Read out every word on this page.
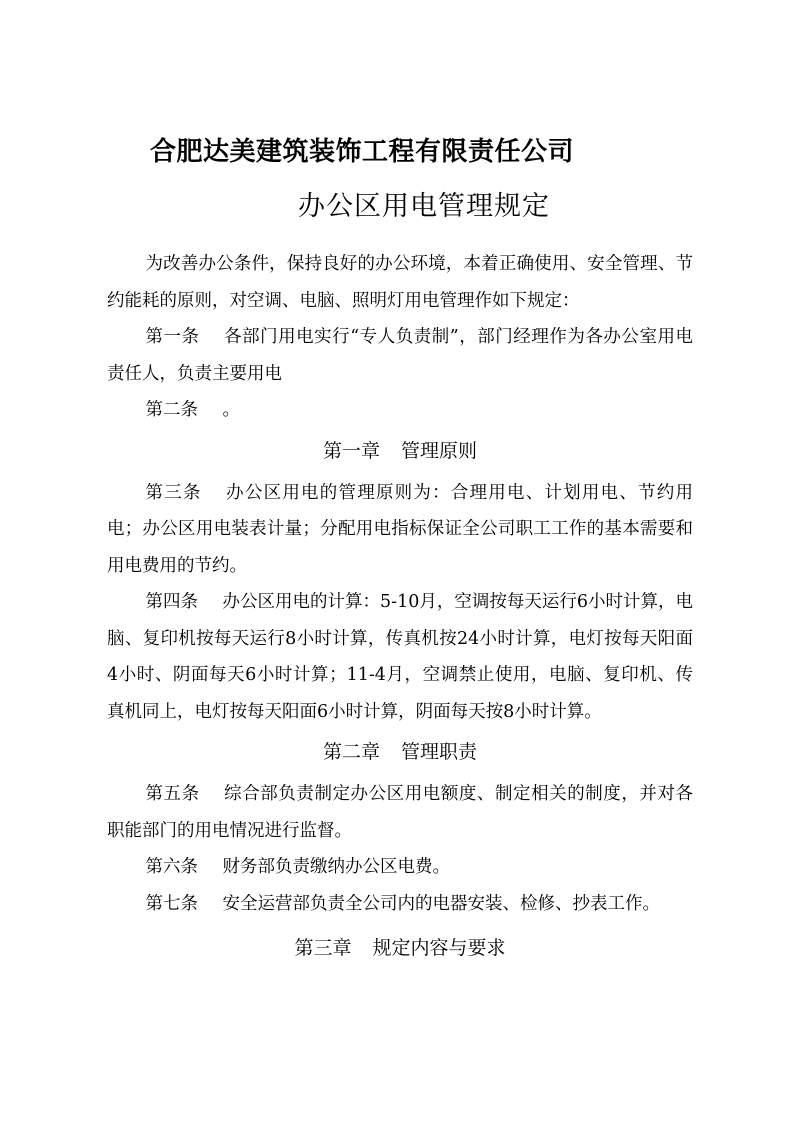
合肥达美建筑装饰工程有限责任公司
办公区用电管理规定

为改善办公条件，保持良好的办公环境，本着正确使用、安全管理、节约能耗的原则，对空调、电脑、照明灯用电管理作如下规定：

第一条 各部门用电实行“专人负责制”，部门经理作为各办公室用电责任人，负责主要用电

第二条 。

第一章 管理原则

第三条 办公区用电的管理原则为：合理用电、计划用电、节约用电；办公区用电装表计量；分配用电指标保证全公司职工工作的基本需要和用电费用的节约。

第四条 办公区用电的计算：5-10月，空调按每天运行6小时计算，电脑、复印机按每天运行8小时计算，传真机按24小时计算，电灯按每天阳面4小时、阴面每天6小时计算；11-4月，空调禁止使用，电脑、复印机、传真机同上，电灯按每天阳面6小时计算，阴面每天按8小时计算。

第二章 管理职责

第五条 综合部负责制定办公区用电额度、制定相关的制度，并对各职能部门的用电情况进行监督。

第六条 财务部负责缴纳办公区电费。

第七条 安全运营部负责全公司内的电器安装、检修、抄表工作。

第三章 规定内容与要求
